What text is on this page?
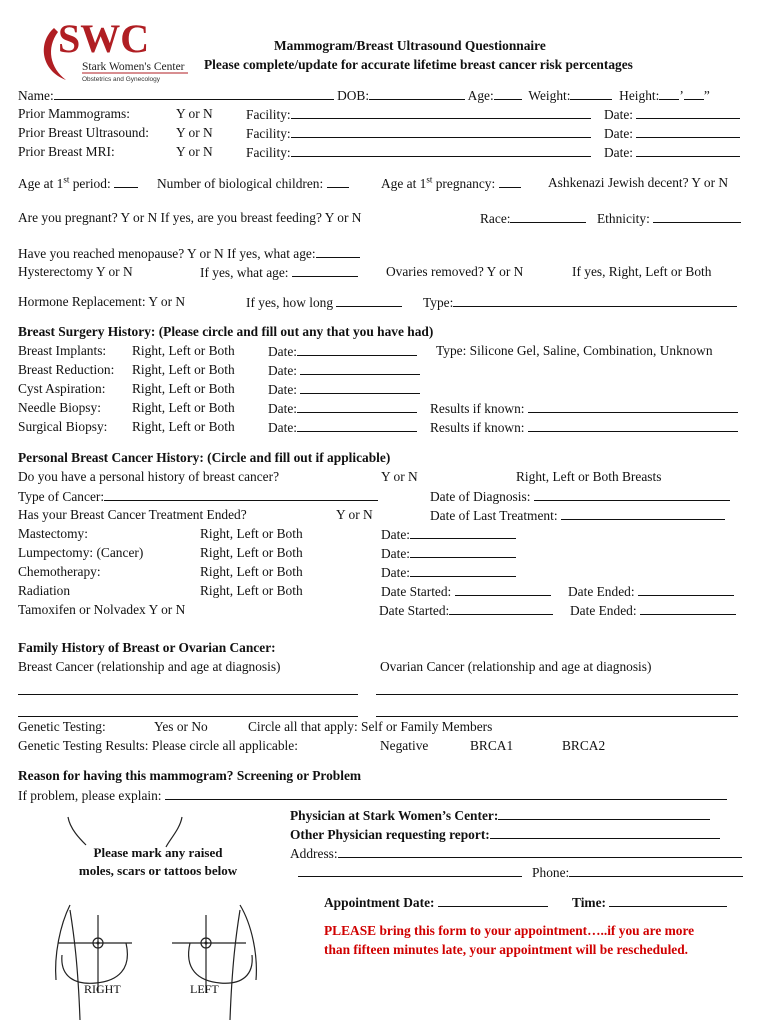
SWC
Stark Women's Center
Obstetrics and Gynecology
Mammogram/Breast Ultrasound Questionnaire
Please complete/update for accurate lifetime breast cancer risk percentages
Name:	DOB:	Age:	Weight:	Height: ’ ”
Prior Mammograms:	Y or N Facility:	Date:
Prior Breast Ultrasound: Y or N Facility:	Date:
Prior Breast MRI:	Y or N Facility:	Date:
Age at 1st period:	Number of biological children:	Age at 1st pregnancy:	Ashkenazi Jewish decent? Y or N
Are you pregnant? Y or N If yes, are you breast feeding? Y or N	Race:	Ethnicity:
Have you reached menopause? Y or N If yes, what age:
Hysterectomy Y or N	If yes, what age:	Ovaries removed? Y or N	If yes, Right, Left or Both
Hormone Replacement: Y or N	If yes, how long	Type:
Breast Surgery History: (Please circle and fill out any that you have had)
Breast Implants: Right, Left or Both Date:	Type: Silicone Gel, Saline, Combination, Unknown
Breast Reduction: Right, Left or Both Date:
Cyst Aspiration: Right, Left or Both Date:
Needle Biopsy: Right, Left or Both Date:	Results if known:
Surgical Biopsy: Right, Left or Both Date:	Results if known:
Personal Breast Cancer History: (Circle and fill out if applicable)
Do you have a personal history of breast cancer?	Y or N	Right, Left or Both Breasts
Type of Cancer:	Date of Diagnosis:
Has your Breast Cancer Treatment Ended?	Y or N	Date of Last Treatment:
Mastectomy:	Right, Left or Both	Date:
Lumpectomy: (Cancer)	Right, Left or Both	Date:
Chemotherapy:	Right, Left or Both	Date:
Radiation	Right, Left or Both	Date Started:	Date Ended:
Tamoxifen or Nolvadex Y or N	Date Started:	Date Ended:
Family History of Breast or Ovarian Cancer:
Breast Cancer (relationship and age at diagnosis)	Ovarian Cancer (relationship and age at diagnosis)
Genetic Testing:	Yes or No	Circle all that apply: Self or Family Members
Genetic Testing Results: Please circle all applicable:	Negative	BRCA1	BRCA2
Reason for having this mammogram? Screening or Problem
If problem, please explain:
Physician at Stark Women’s Center:
Other Physician requesting report:
Address:
Phone:
Appointment Date:	Time:
PLEASE bring this form to your appointment…..if you are more
than fifteen minutes late, your appointment will be rescheduled.
Please mark any raised
moles, scars or tattoos below
RIGHT	LEFT
